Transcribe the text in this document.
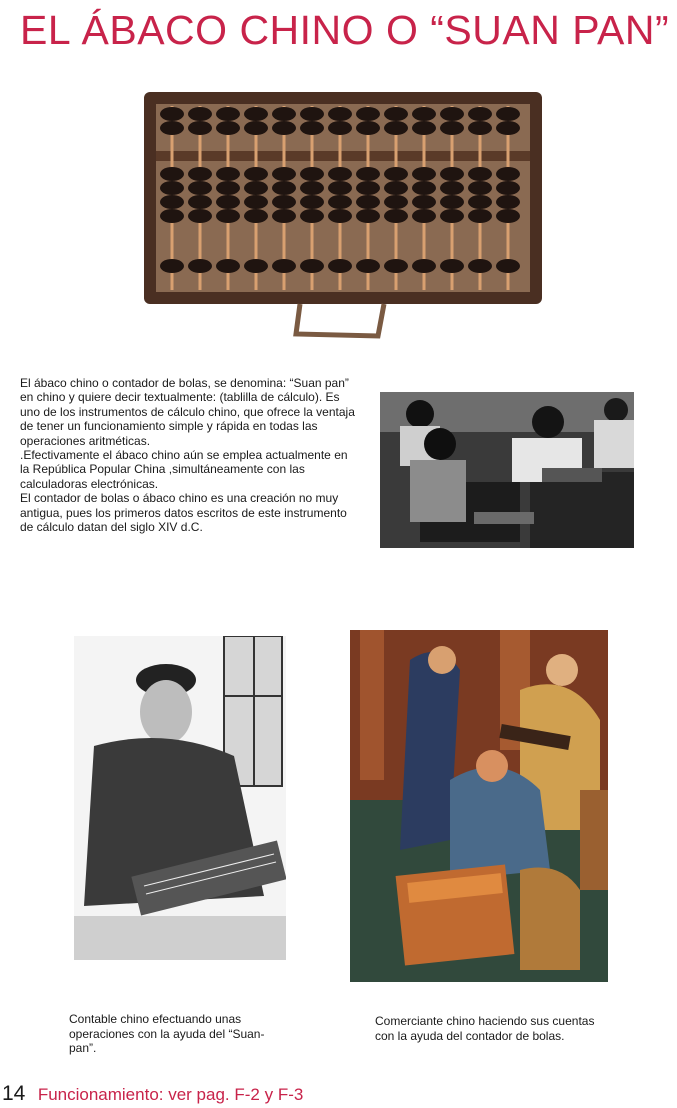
EL ÁBACO CHINO O “SUAN PAN”

El ábaco chino o contador de bolas, se denomina: “Suan pan” en chino y quiere decir textualmente: (tablilla de cálculo). Es uno de los instrumentos de cálculo chino, que ofrece la ventaja de tener un funcionamiento simple y rápida en todas las operaciones aritméticas.

.Efectivamente el ábaco chino aún se emplea actualmente en la República Popular China ,simultáneamente con las calculadoras electrónicas.

El contador de bolas o ábaco chino es una creación no muy antigua, pues los primeros datos escritos de este instrumento de cálculo datan del siglo XIV d.C.

Contable chino efectuando unas operaciones con la ayuda del “Suan-pan”.
Comerciante chino haciendo sus cuentas con la ayuda del contador de bolas.
14 Funcionamiento: ver pag. F-2 y F-3
